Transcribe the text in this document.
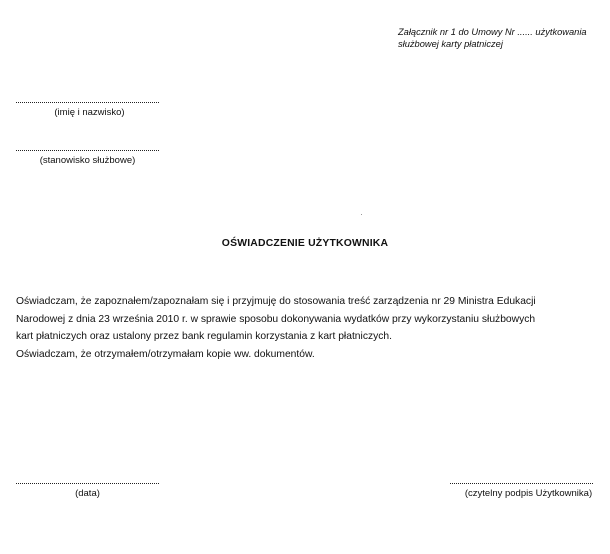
Załącznik nr 1 do Umowy Nr ...... użytkowania
służbowej karty płatniczej
(imię i nazwisko)
(stanowisko służbowe)
OŚWIADCZENIE UŻYTKOWNIKA
Oświadczam, że zapoznałem/zapoznałam się i przyjmuję do stosowania treść zarządzenia nr 29 Ministra Edukacji
Narodowej z dnia 23 września 2010 r. w sprawie sposobu dokonywania wydatków przy wykorzystaniu służbowych
kart płatniczych oraz ustalony przez bank regulamin korzystania z kart płatniczych.
Oświadczam, że otrzymałem/otrzymałam kopie ww. dokumentów.
(data)	(czytelny podpis Użytkownika)
